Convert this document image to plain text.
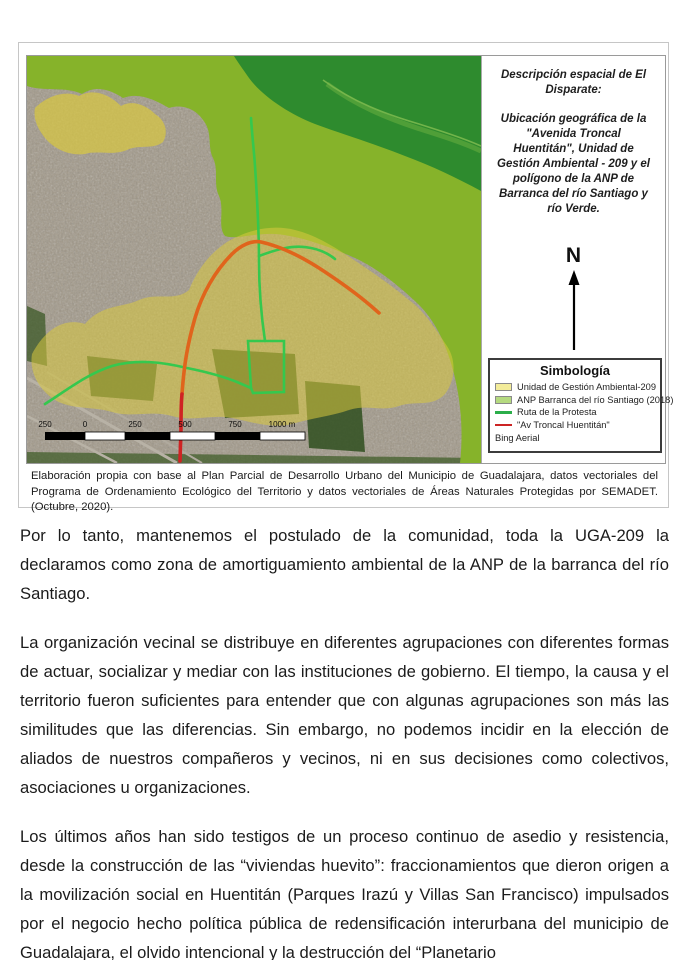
250	0	250	500	750	1000 m
Descripción espacial de El Disparate:
Ubicación geográfica de la "Avenida Troncal Huentitán", Unidad de Gestión Ambiental - 209 y el polígono de la ANP de Barranca del río Santiago y río Verde.
N
Simbología
Unidad de Gestión Ambiental-209
ANP Barranca del río Santiago (2018)
Ruta de la Protesta
"Av Troncal Huentitán"
Bing Aerial
Elaboración propia con base al Plan Parcial de Desarrollo Urbano del Municipio de Guadalajara, datos vectoriales del Programa de Ordenamiento Ecológico del Territorio y datos vectoriales de Áreas Naturales Protegidas por SEMADET. (Octubre, 2020).

Por lo tanto, mantenemos el postulado de la comunidad, toda la UGA-209 la declaramos como zona de amortiguamiento ambiental de la ANP de la barranca del río Santiago.

La organización vecinal se distribuye en diferentes agrupaciones con diferentes formas de actuar, socializar y mediar con las instituciones de gobierno. El tiempo, la causa y el territorio fueron suficientes para entender que con algunas agrupaciones son más las similitudes que las diferencias. Sin embargo, no podemos incidir en la elección de aliados de nuestros compañeros y vecinos, ni en sus decisiones como colectivos, asociaciones u organizaciones.

Los últimos años han sido testigos de un proceso continuo de asedio y resistencia, desde la construcción de las “viviendas huevito”: fraccionamientos que dieron origen a la movilización social en Huentitán (Parques Irazú y Villas San Francisco) impulsados por el negocio hecho política pública de redensificación interurbana del municipio de Guadalajara, el olvido intencional y la destrucción del “Planetario
